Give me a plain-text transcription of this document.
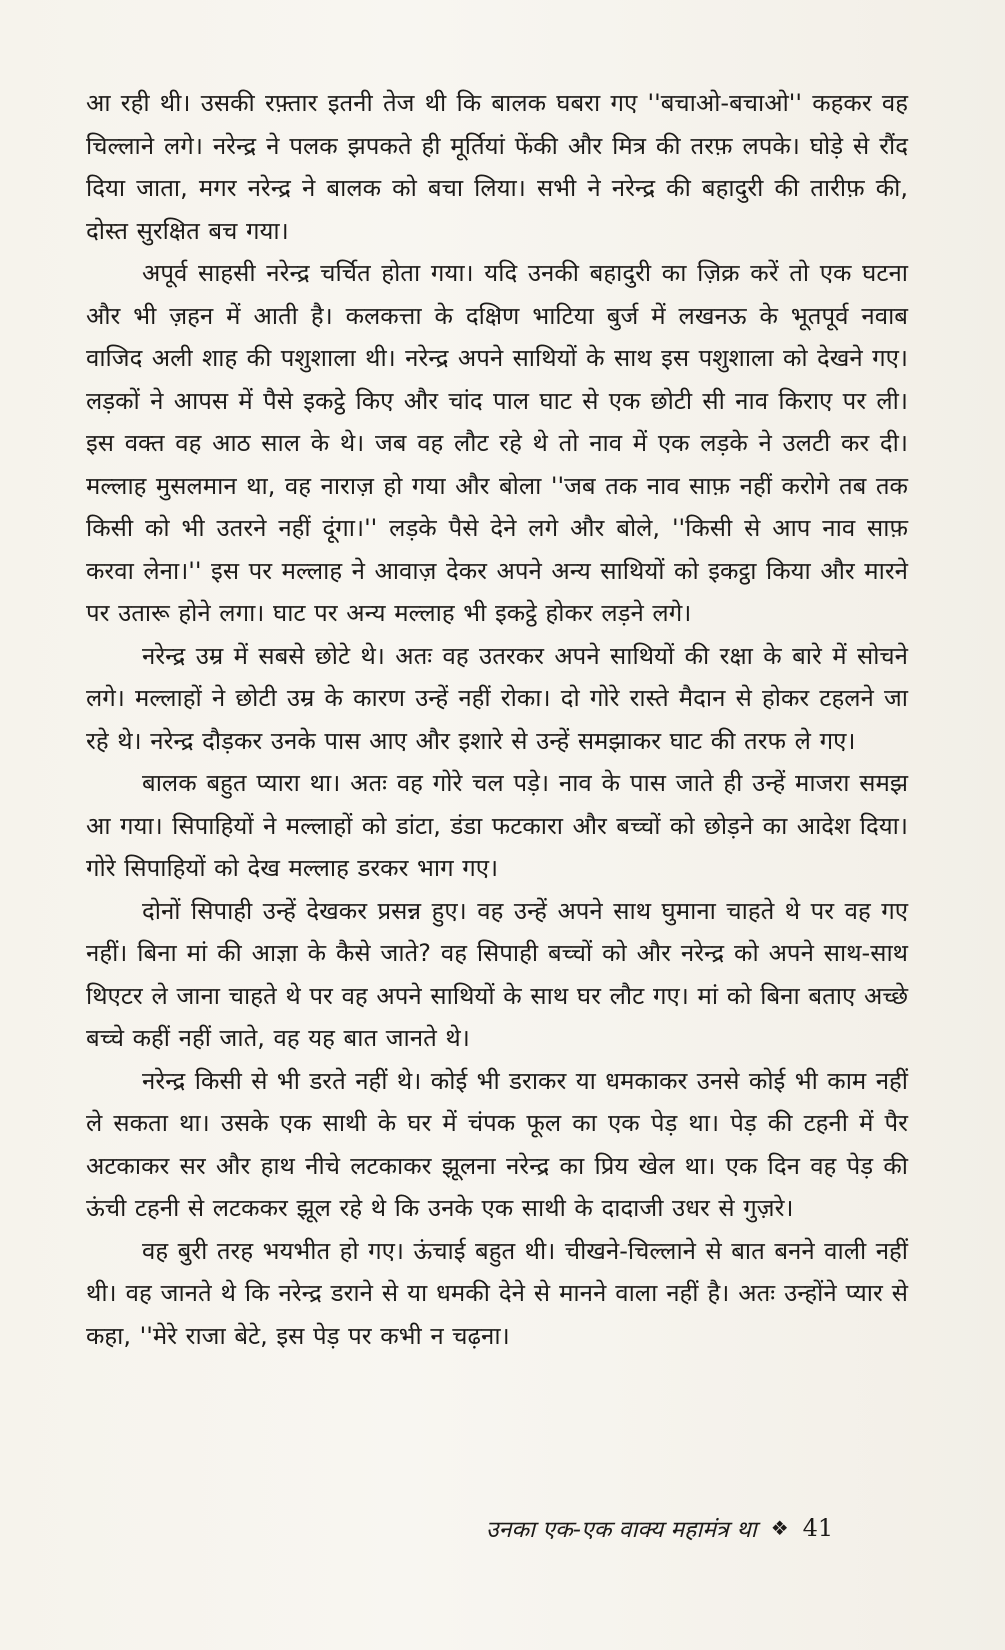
आ रही थी। उसकी रफ़्तार इतनी तेज थी कि बालक घबरा गए ''बचाओ-बचाओ'' कहकर वह चिल्लाने लगे। नरेन्द्र ने पलक झपकते ही मूर्तियां फेंकी और मित्र की तरफ़ लपके। घोड़े से रौंद दिया जाता, मगर नरेन्द्र ने बालक को बचा लिया। सभी ने नरेन्द्र की बहादुरी की तारीफ़ की, दोस्त सुरक्षित बच गया।

अपूर्व साहसी नरेन्द्र चर्चित होता गया। यदि उनकी बहादुरी का ज़िक्र करें तो एक घटना और भी ज़हन में आती है। कलकत्ता के दक्षिण भाटिया बुर्ज में लखनऊ के भूतपूर्व नवाब वाजिद अली शाह की पशुशाला थी। नरेन्द्र अपने साथियों के साथ इस पशुशाला को देखने गए। लड़कों ने आपस में पैसे इकट्ठे किए और चांद पाल घाट से एक छोटी सी नाव किराए पर ली। इस वक्त वह आठ साल के थे। जब वह लौट रहे थे तो नाव में एक लड़के ने उलटी कर दी। मल्लाह मुसलमान था, वह नाराज़ हो गया और बोला ''जब तक नाव साफ़ नहीं करोगे तब तक किसी को भी उतरने नहीं दूंगा।'' लड़के पैसे देने लगे और बोले, ''किसी से आप नाव साफ़ करवा लेना।'' इस पर मल्लाह ने आवाज़ देकर अपने अन्य साथियों को इकट्ठा किया और मारने पर उतारू होने लगा। घाट पर अन्य मल्लाह भी इकट्ठे होकर लड़ने लगे।

नरेन्द्र उम्र में सबसे छोटे थे। अतः वह उतरकर अपने साथियों की रक्षा के बारे में सोचने लगे। मल्लाहों ने छोटी उम्र के कारण उन्हें नहीं रोका। दो गोरे रास्ते मैदान से होकर टहलने जा रहे थे। नरेन्द्र दौड़कर उनके पास आए और इशारे से उन्हें समझाकर घाट की तरफ ले गए।

बालक बहुत प्यारा था। अतः वह गोरे चल पड़े। नाव के पास जाते ही उन्हें माजरा समझ आ गया। सिपाहियों ने मल्लाहों को डांटा, डंडा फटकारा और बच्चों को छोड़ने का आदेश दिया। गोरे सिपाहियों को देख मल्लाह डरकर भाग गए।

दोनों सिपाही उन्हें देखकर प्रसन्न हुए। वह उन्हें अपने साथ घुमाना चाहते थे पर वह गए नहीं। बिना मां की आज्ञा के कैसे जाते? वह सिपाही बच्चों को और नरेन्द्र को अपने साथ-साथ थिएटर ले जाना चाहते थे पर वह अपने साथियों के साथ घर लौट गए। मां को बिना बताए अच्छे बच्चे कहीं नहीं जाते, वह यह बात जानते थे।

नरेन्द्र किसी से भी डरते नहीं थे। कोई भी डराकर या धमकाकर उनसे कोई भी काम नहीं ले सकता था। उसके एक साथी के घर में चंपक फूल का एक पेड़ था। पेड़ की टहनी में पैर अटकाकर सर और हाथ नीचे लटकाकर झूलना नरेन्द्र का प्रिय खेल था। एक दिन वह पेड़ की ऊंची टहनी से लटककर झूल रहे थे कि उनके एक साथी के दादाजी उधर से गुज़रे।

वह बुरी तरह भयभीत हो गए। ऊंचाई बहुत थी। चीखने-चिल्लाने से बात बनने वाली नहीं थी। वह जानते थे कि नरेन्द्र डराने से या धमकी देने से मानने वाला नहीं है। अतः उन्होंने प्यार से कहा, ''मेरे राजा बेटे, इस पेड़ पर कभी न चढ़ना।

उनका एक-एक वाक्य महामंत्र था ❖ 41
